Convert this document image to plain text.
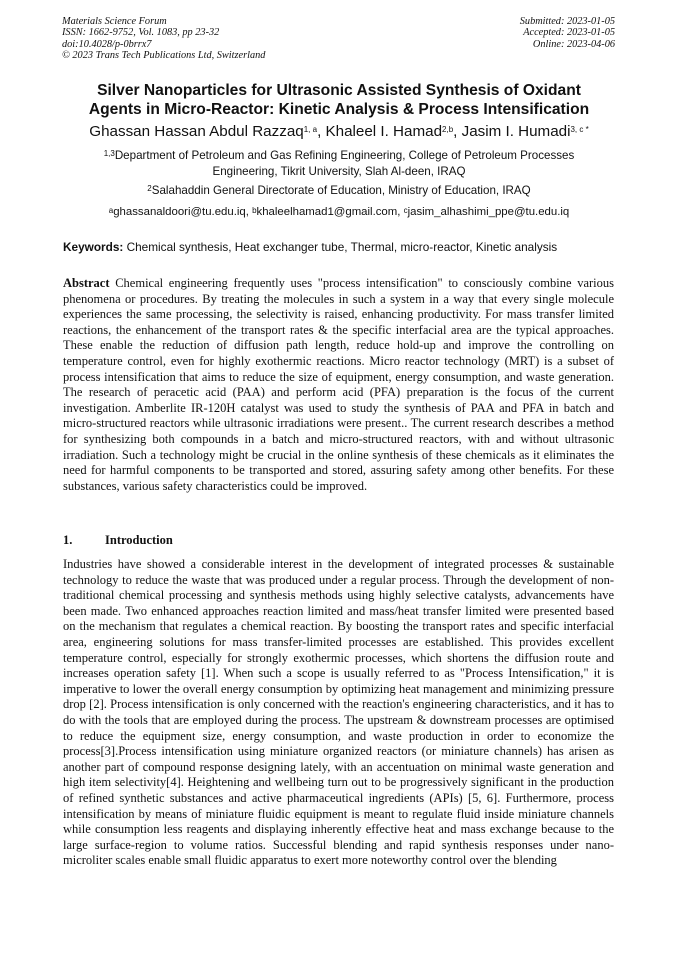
Materials Science Forum
ISSN: 1662-9752, Vol. 1083, pp 23-32
doi:10.4028/p-0brrx7
© 2023 Trans Tech Publications Ltd, Switzerland
Submitted: 2023-01-05
Accepted: 2023-01-05
Online: 2023-04-06
Silver Nanoparticles for Ultrasonic Assisted Synthesis of Oxidant
Agents in Micro-Reactor: Kinetic Analysis & Process Intensification
Ghassan Hassan Abdul Razzaq$^{1, a}$, Khaleel I. Hamad$^{2,b}$, Jasim I. Humadi$^{3, c *}$
$^{1,3}$Department of Petroleum and Gas Refining Engineering, College of Petroleum Processes
Engineering, Tikrit University, Slah Al-deen, IRAQ
$^2$Salahaddin General Directorate of Education, Ministry of Education, IRAQ
$^a$ghassanaldoori@tu.edu.iq, $^b$khaleelhamad1@gmail.com, $^c$jasim_alhashimi_ppe@tu.edu.iq
Keywords: Chemical synthesis, Heat exchanger tube, Thermal, micro-reactor, Kinetic analysis
Abstract Chemical engineering frequently uses "process intensification" to consciously combine various phenomena or procedures. By treating the molecules in such a system in a way that every single molecule experiences the same processing, the selectivity is raised, enhancing productivity. For mass transfer limited reactions, the enhancement of the transport rates & the specific interfacial area are the typical approaches. These enable the reduction of diffusion path length, reduce hold-up and improve the controlling on temperature control, even for highly exothermic reactions. Micro reactor technology (MRT) is a subset of process intensification that aims to reduce the size of equipment, energy consumption, and waste generation. The research of peracetic acid (PAA) and perform acid (PFA) preparation is the focus of the current investigation. Amberlite IR-120H catalyst was used to study the synthesis of PAA and PFA in batch and micro-structured reactors while ultrasonic irradiations were present.. The current research describes a method for synthesizing both compounds in a batch and micro-structured reactors, with and without ultrasonic irradiation. Such a technology might be crucial in the online synthesis of these chemicals as it eliminates the need for harmful components to be transported and stored, assuring safety among other benefits. For these substances, various safety characteristics could be improved.
1.	Introduction
Industries have showed a considerable interest in the development of integrated processes & sustainable technology to reduce the waste that was produced under a regular process. Through the development of non-traditional chemical processing and synthesis methods using highly selective catalysts, advancements have been made. Two enhanced approaches reaction limited and mass/heat transfer limited were presented based on the mechanism that regulates a chemical reaction. By boosting the transport rates and specific interfacial area, engineering solutions for mass transfer-limited processes are established. This provides excellent temperature control, especially for strongly exothermic processes, which shortens the diffusion route and increases operation safety [1]. When such a scope is usually referred to as "Process Intensification," it is imperative to lower the overall energy consumption by optimizing heat management and minimizing pressure drop [2]. Process intensification is only concerned with the reaction's engineering characteristics, and it has to do with the tools that are employed during the process. The upstream & downstream processes are optimised to reduce the equipment size, energy consumption, and waste production in order to economize the process[3].Process intensification using miniature organized reactors (or miniature channels) has arisen as another part of compound response designing lately, with an accentuation on minimal waste generation and high item selectivity[4]. Heightening and wellbeing turn out to be progressively significant in the production of refined synthetic substances and active pharmaceutical ingredients (APIs) [5, 6]. Furthermore, process intensification by means of miniature fluidic equipment is meant to regulate fluid inside miniature channels while consumption less reagents and displaying inherently effective heat and mass exchange because to the large surface-region to volume ratios. Successful blending and rapid synthesis responses under nano-microliter scales enable small fluidic apparatus to exert more noteworthy control over the blending
